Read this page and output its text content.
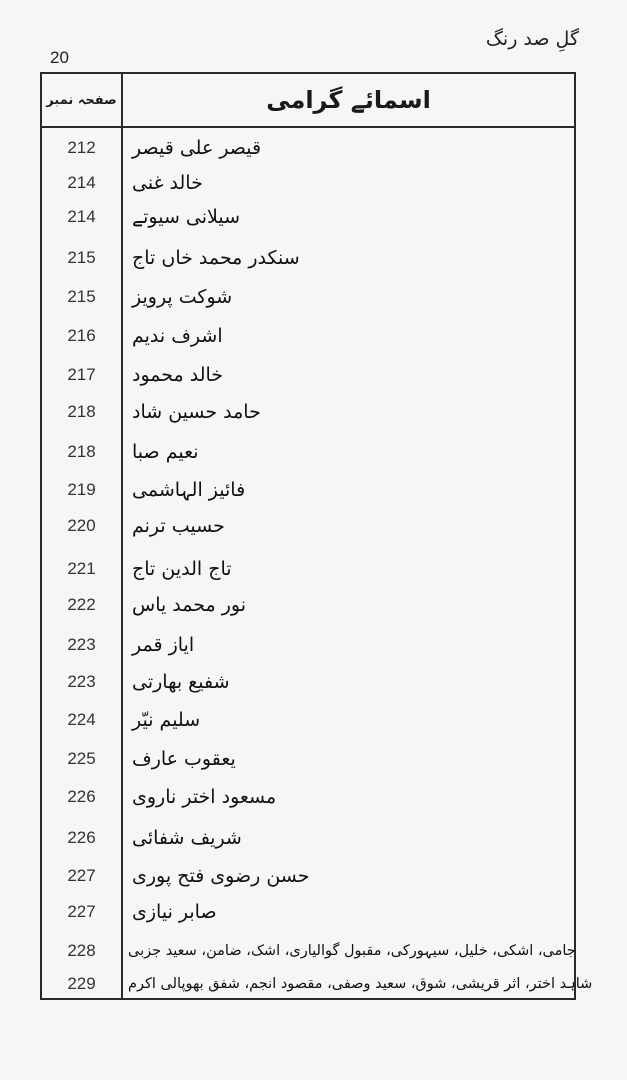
گلِ صد رنگ
20
صفحہ نمبر	اسمائے گرامی
212	قیصر علی قیصر
214	خالد غنی
214	سیلانی سیوتے
215	سنکدر محمد خاں تاج
215	شوکت پرویز
216	اشرف ندیم
217	خالد محمود
218	حامد حسین شاد
218	نعیم صبا
219	فائیز الہاشمی
220	حسیب ترنم
221	تاج الدین تاج
222	نور محمد یاس
223	ایاز قمر
223	شفیع بھارتی
224	سلیم نیّر
225	یعقوب عارف
226	مسعود اختر ناروی
226	شریف شفائی
227	حسن رضوی فتح پوری
227	صابر نیازی
228	جامی، اشکی، خلیل، سیہورکی، مقبول گوالیاری، اشک، ضامن، سعید جزبی
229	شاہد اختر، اثر قریشی، شوق، سعید وصفی، مقصود انجم، شفق بھوپالی اکرم
